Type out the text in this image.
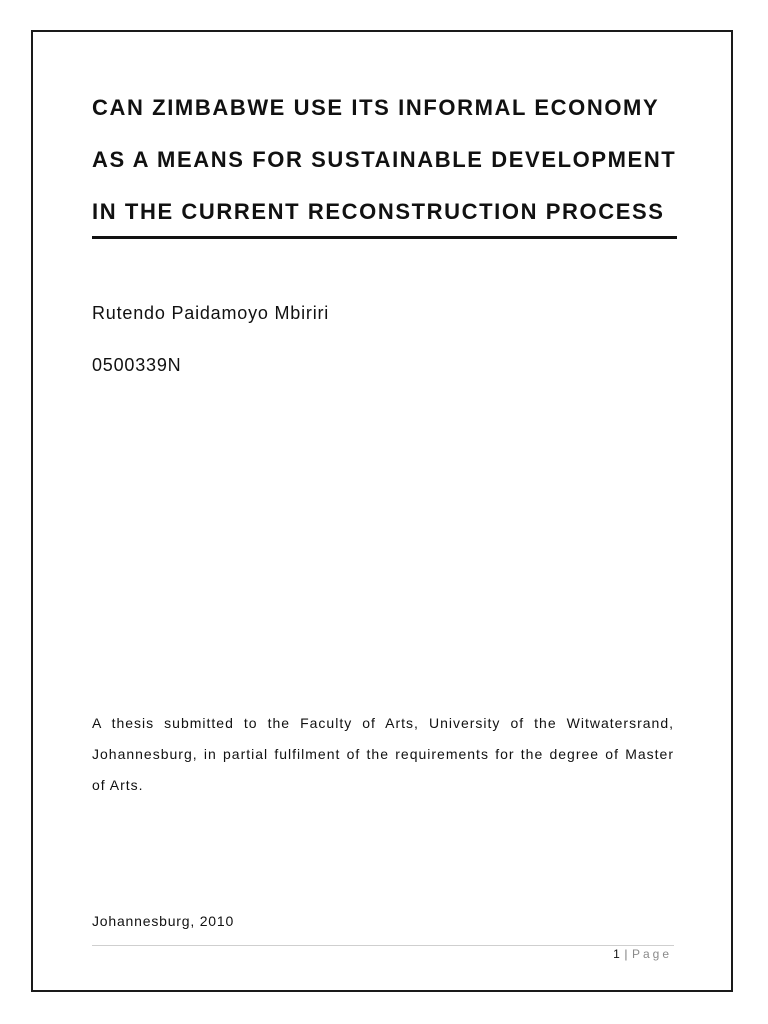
CAN ZIMBABWE USE ITS INFORMAL ECONOMY
AS A MEANS FOR SUSTAINABLE DEVELOPMENT
IN THE CURRENT RECONSTRUCTION PROCESS
Rutendo Paidamoyo Mbiriri
0500339N

A thesis submitted to the Faculty of Arts, University of the Witwatersrand, Johannesburg, in partial fulfilment of the requirements for the degree of Master of Arts.

Johannesburg, 2010
1 | Page
